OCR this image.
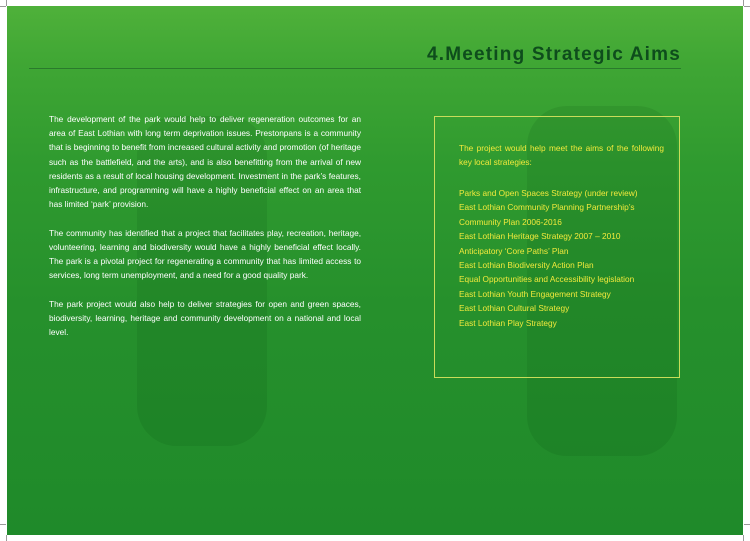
4.Meeting Strategic Aims

The development of the park would help to deliver regeneration outcomes for an area of East Lothian with long term deprivation issues. Prestonpans is a community that is beginning to benefit from increased cultural activity and promotion (of heritage such as the battlefield, and the arts), and is also benefitting from the arrival of new residents as a result of local housing development. Investment in the park’s features, infrastructure, and programming will have a highly beneficial effect on an area that has limited ‘park’ provision.

The community has identified that a project that facilitates play, recreation, heritage, volunteering, learning and biodiversity would have a highly beneficial effect locally. The park is a pivotal project for regenerating a community that has limited access to services, long term unemployment, and a need for a good quality park.

The park project would also help to deliver strategies for open and green spaces, biodiversity, learning, heritage and community development on a national and local level.

The project would help meet the aims of the following key local strategies:

Parks and Open Spaces Strategy (under review)
East Lothian Community Planning Partnership’s Community Plan 2006-2016
East Lothian Heritage Strategy 2007 – 2010
Anticipatory ‘Core Paths’ Plan
East Lothian Biodiversity Action Plan
Equal Opportunities and Accessibility legislation
East Lothian Youth Engagement Strategy
East Lothian Cultural Strategy
East Lothian Play Strategy
